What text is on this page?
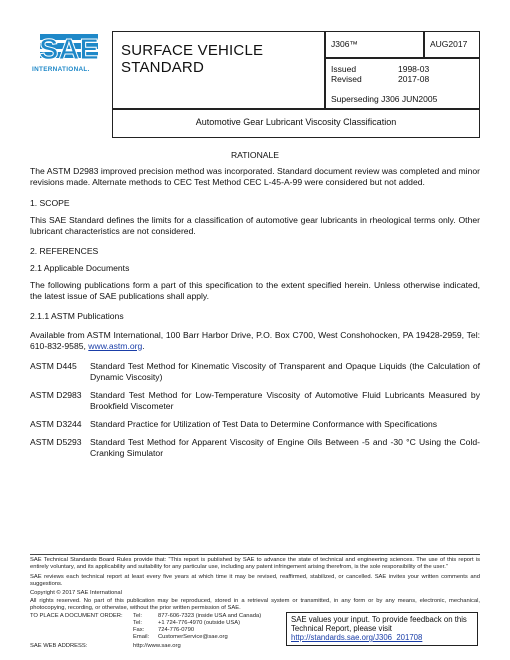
SAE
INTERNATIONAL.
SURFACE VEHICLE
STANDARD
J306™	AUG2017
Issued	1998-03
Revised	2017-08
Superseding J306 JUN2005
Automotive Gear Lubricant Viscosity Classification
RATIONALE
The ASTM D2983 improved precision method was incorporated. Standard document review was completed and minor revisions made. Alternate methods to CEC Test Method CEC L-45-A-99 were considered but not added.
1. SCOPE
This SAE Standard defines the limits for a classification of automotive gear lubricants in rheological terms only. Other lubricant characteristics are not considered.
2. REFERENCES
2.1 Applicable Documents
The following publications form a part of this specification to the extent specified herein. Unless otherwise indicated, the latest issue of SAE publications shall apply.
2.1.1 ASTM Publications
Available from ASTM International, 100 Barr Harbor Drive, P.O. Box C700, West Conshohocken, PA 19428-2959, Tel: 610-832-9585, www.astm.org.
ASTM D445	Standard Test Method for Kinematic Viscosity of Transparent and Opaque Liquids (the Calculation of Dynamic Viscosity)
ASTM D2983 Standard Test Method for Low-Temperature Viscosity of Automotive Fluid Lubricants Measured by Brookfield Viscometer
ASTM D3244 Standard Practice for Utilization of Test Data to Determine Conformance with Specifications
ASTM D5293 Standard Test Method for Apparent Viscosity of Engine Oils Between -5 and -30 °C Using the Cold-Cranking Simulator
SAE Technical Standards Board Rules provide that: “This report is published by SAE to advance the state of technical and engineering sciences. The use of this report is entirely voluntary, and its applicability and suitability for any particular use, including any patent infringement arising therefrom, is the sole responsibility of the user.”
SAE reviews each technical report at least every five years at which time it may be revised, reaffirmed, stabilized, or cancelled. SAE invites your written comments and suggestions.
Copyright © 2017 SAE International
All rights reserved. No part of this publication may be reproduced, stored in a retrieval system or transmitted, in any form or by any means, electronic, mechanical, photocopying, recording, or otherwise, without the prior written permission of SAE.
TO PLACE A DOCUMENT ORDER: Tel:	877-606-7323 (inside USA and Canada)
Tel:	+1 724-776-4970 (outside USA)
Fax: 724-776-0790
Email: CustomerService@sae.org
SAE WEB ADDRESS:	http://www.sae.org
SAE values your input. To provide feedback on this
Technical Report, please visit
http://standards.sae.org/J306_201708
